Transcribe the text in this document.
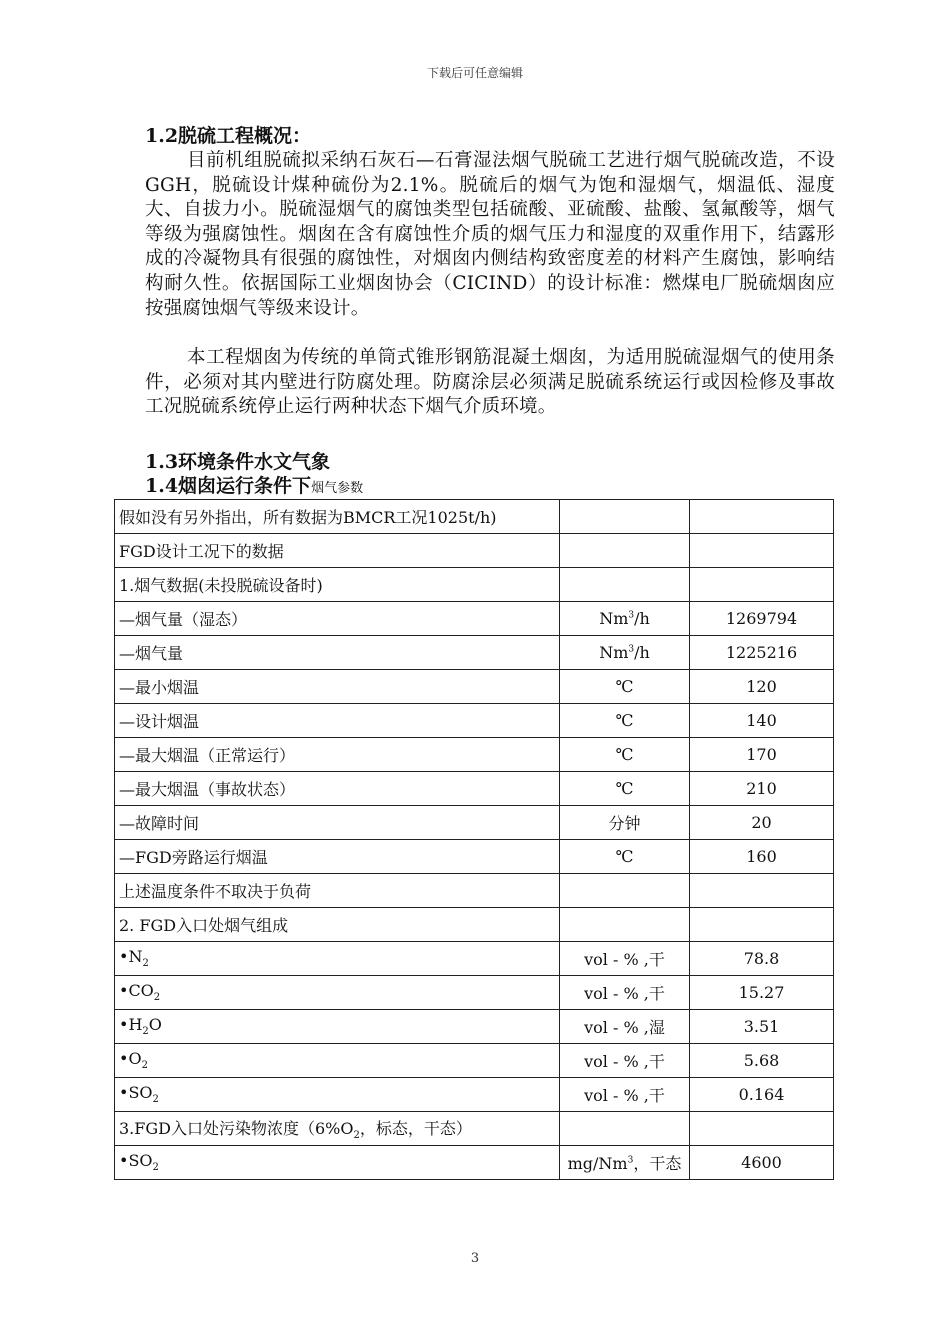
下载后可任意编辑
1.2脱硫工程概况：
目前机组脱硫拟采纳石灰石—石膏湿法烟气脱硫工艺进行烟气脱硫改造，不设GGH，脱硫设计煤种硫份为2.1%。脱硫后的烟气为饱和湿烟气，烟温低、湿度大、自拔力小。脱硫湿烟气的腐蚀类型包括硫酸、亚硫酸、盐酸、氢氟酸等，烟气等级为强腐蚀性。烟囱在含有腐蚀性介质的烟气压力和湿度的双重作用下，结露形成的冷凝物具有很强的腐蚀性，对烟囱内侧结构致密度差的材料产生腐蚀，影响结构耐久性。依据国际工业烟囱协会（CICIND）的设计标准：燃煤电厂脱硫烟囱应按强腐蚀烟气等级来设计。
本工程烟囱为传统的单筒式锥形钢筋混凝土烟囱，为适用脱硫湿烟气的使用条件，必须对其内壁进行防腐处理。防腐涂层必须满足脱硫系统运行或因检修及事故工况脱硫系统停止运行两种状态下烟气介质环境。
1.3环境条件水文气象
1.4烟囱运行条件下烟气参数
假如没有另外指出，所有数据为BMCR工况1025t/h)		
FGD设计工况下的数据		
1.烟气数据(未投脱硫设备时)		
—烟气量（湿态）	Nm$^3$/h	1269794
—烟气量	Nm$^3$/h	1225216
—最小烟温	℃	120
—设计烟温	℃	140
—最大烟温（正常运行）	℃	170
—最大烟温（事故状态）	℃	210
—故障时间	分钟	20
—FGD旁路运行烟温	℃	160
上述温度条件不取决于负荷		
2. FGD入口处烟气组成		
$•N_2$	vol - % ,干	78.8
$•CO_2$	vol - % ,干	15.27
$•H_2O$	vol - % ,湿	3.51
$•O_2$	vol - % ,干	5.68
$•SO_2$	vol - % ,干	0.164
3.FGD入口处污染物浓度（$6\%O_2$，标态，干态）		
$•SO_2$	mg/Nm$^3$，干态	4600
3
